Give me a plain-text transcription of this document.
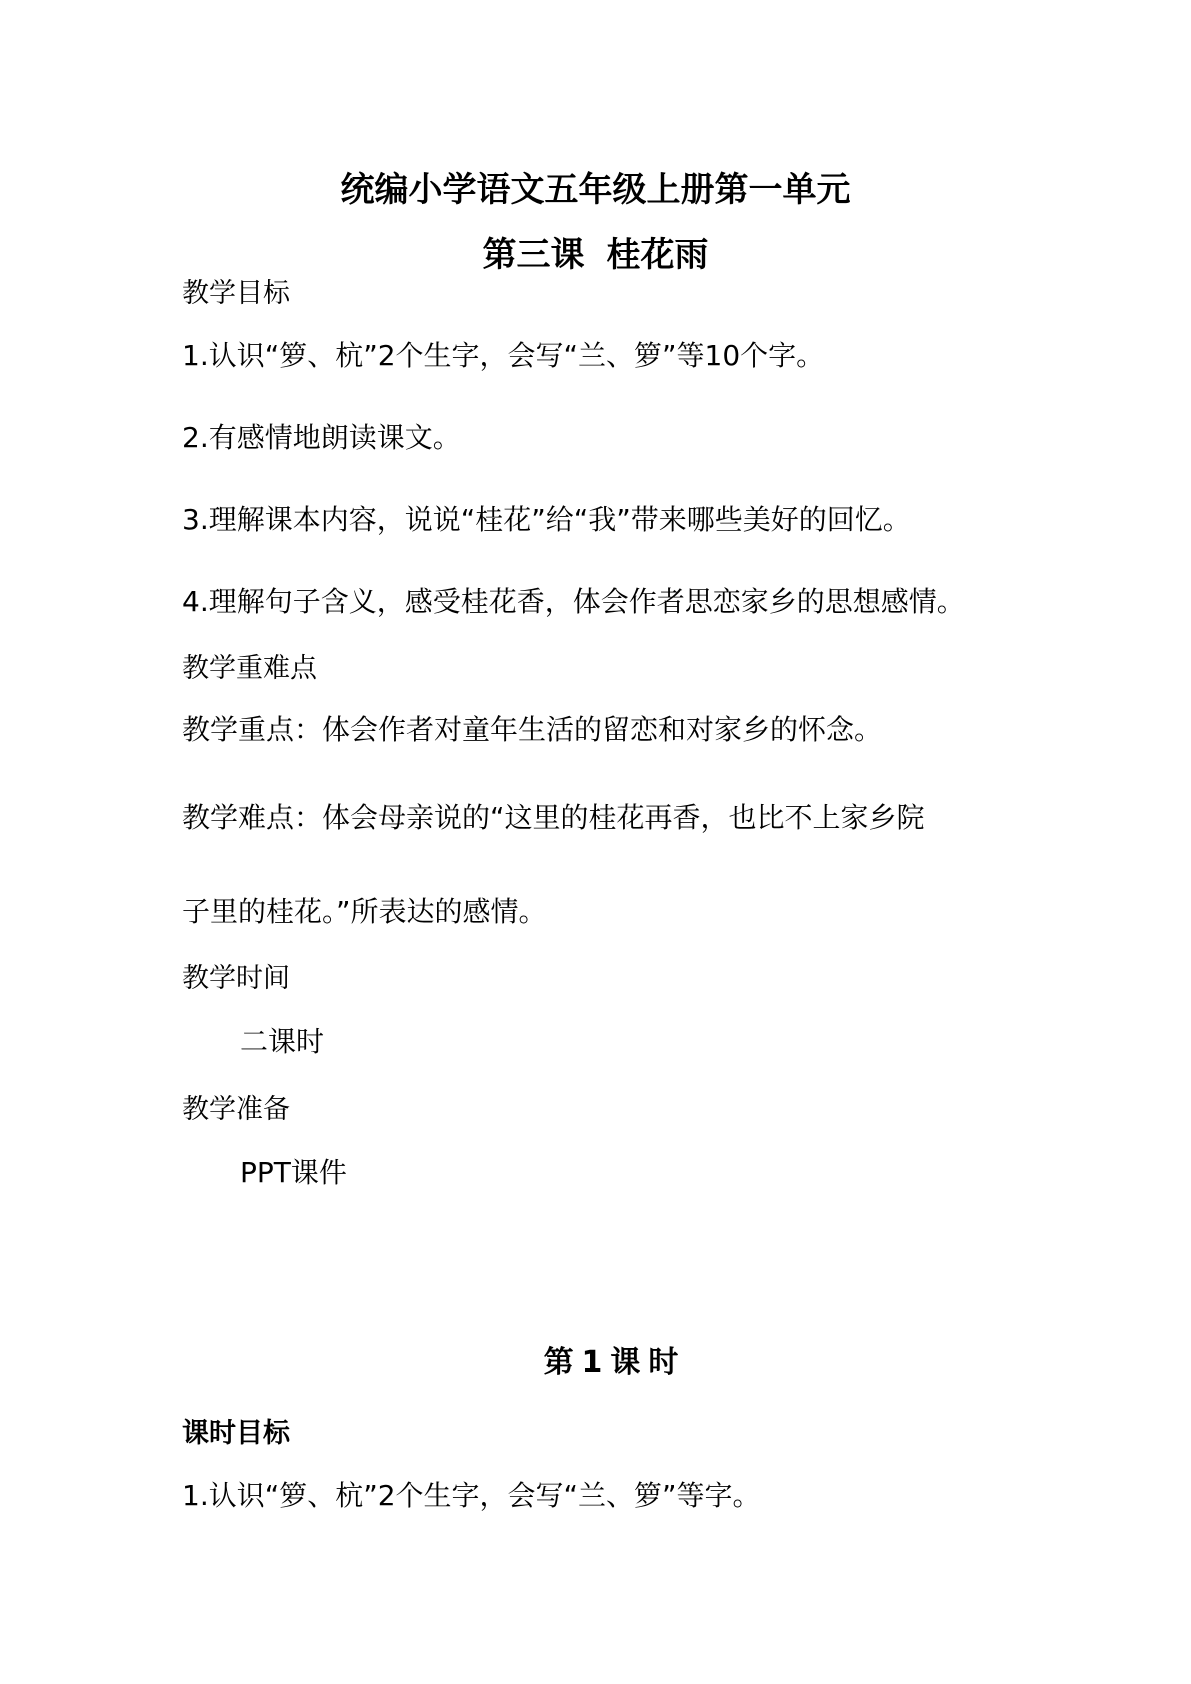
统编小学语文五年级上册第一单元
第三课 桂花雨
教学目标
1.认识“箩、杭”2个生字，会写“兰、箩”等10个字。
2.有感情地朗读课文。
3.理解课本内容，说说“桂花”给“我”带来哪些美好的回忆。
4.理解句子含义，感受桂花香，体会作者思恋家乡的思想感情。
教学重难点
教学重点：体会作者对童年生活的留恋和对家乡的怀念。
教学难点：体会母亲说的“这里的桂花再香，也比不上家乡院
子里的桂花。”所表达的感情。
教学时间
二课时
教学准备
PPT课件
第1课时
课时目标
1.认识“箩、杭”2个生字，会写“兰、箩”等字。
